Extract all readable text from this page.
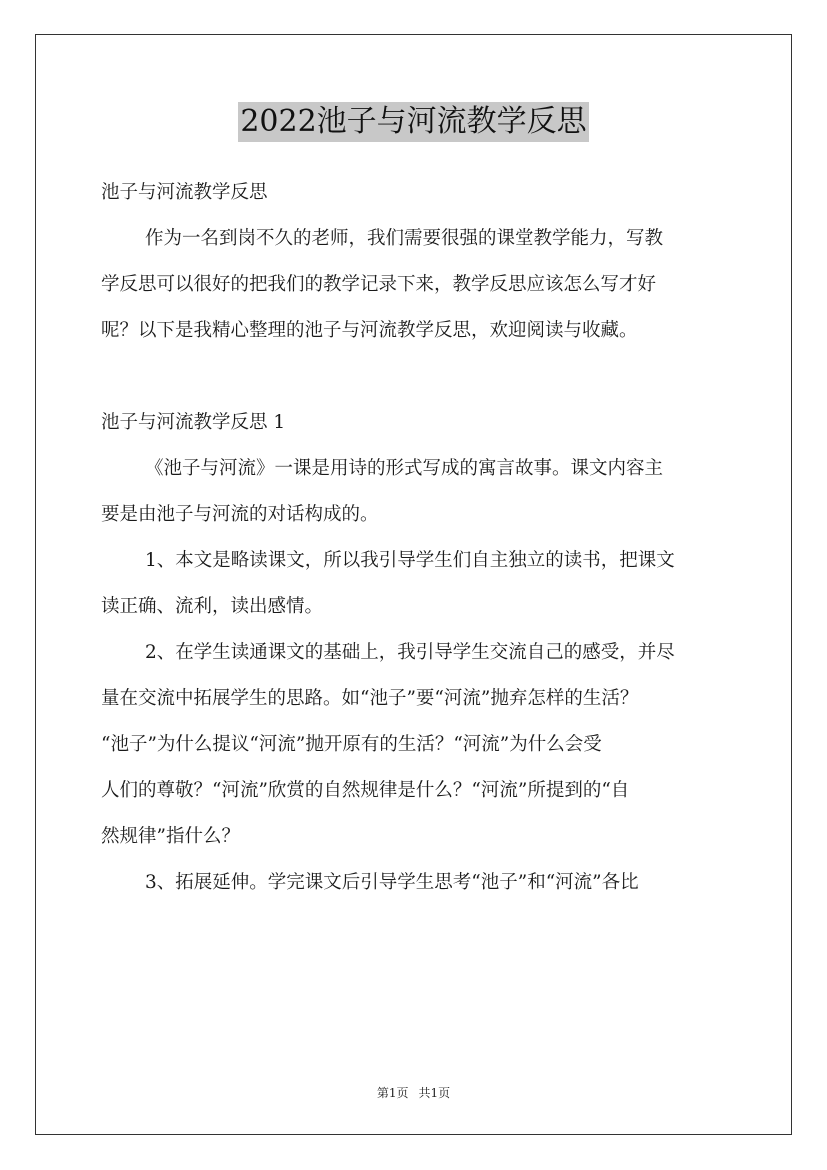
2022池子与河流教学反思
池子与河流教学反思
作为一名到岗不久的老师，我们需要很强的课堂教学能力，写教
学反思可以很好的把我们的教学记录下来，教学反思应该怎么写才好
呢？以下是我精心整理的池子与河流教学反思，欢迎阅读与收藏。
池子与河流教学反思 1
《池子与河流》一课是用诗的形式写成的寓言故事。课文内容主
要是由池子与河流的对话构成的。
1、本文是略读课文，所以我引导学生们自主独立的读书，把课文
读正确、流利，读出感情。
2、在学生读通课文的基础上，我引导学生交流自己的感受，并尽
量在交流中拓展学生的思路。如“池子”要“河流”抛弃怎样的生活？
“池子”为什么提议“河流”抛开原有的生活？“河流”为什么会受
人们的尊敬？“河流”欣赏的自然规律是什么？“河流”所提到的“自
然规律”指什么？
3、拓展延伸。学完课文后引导学生思考“池子”和“河流”各比
第1页 共1页
